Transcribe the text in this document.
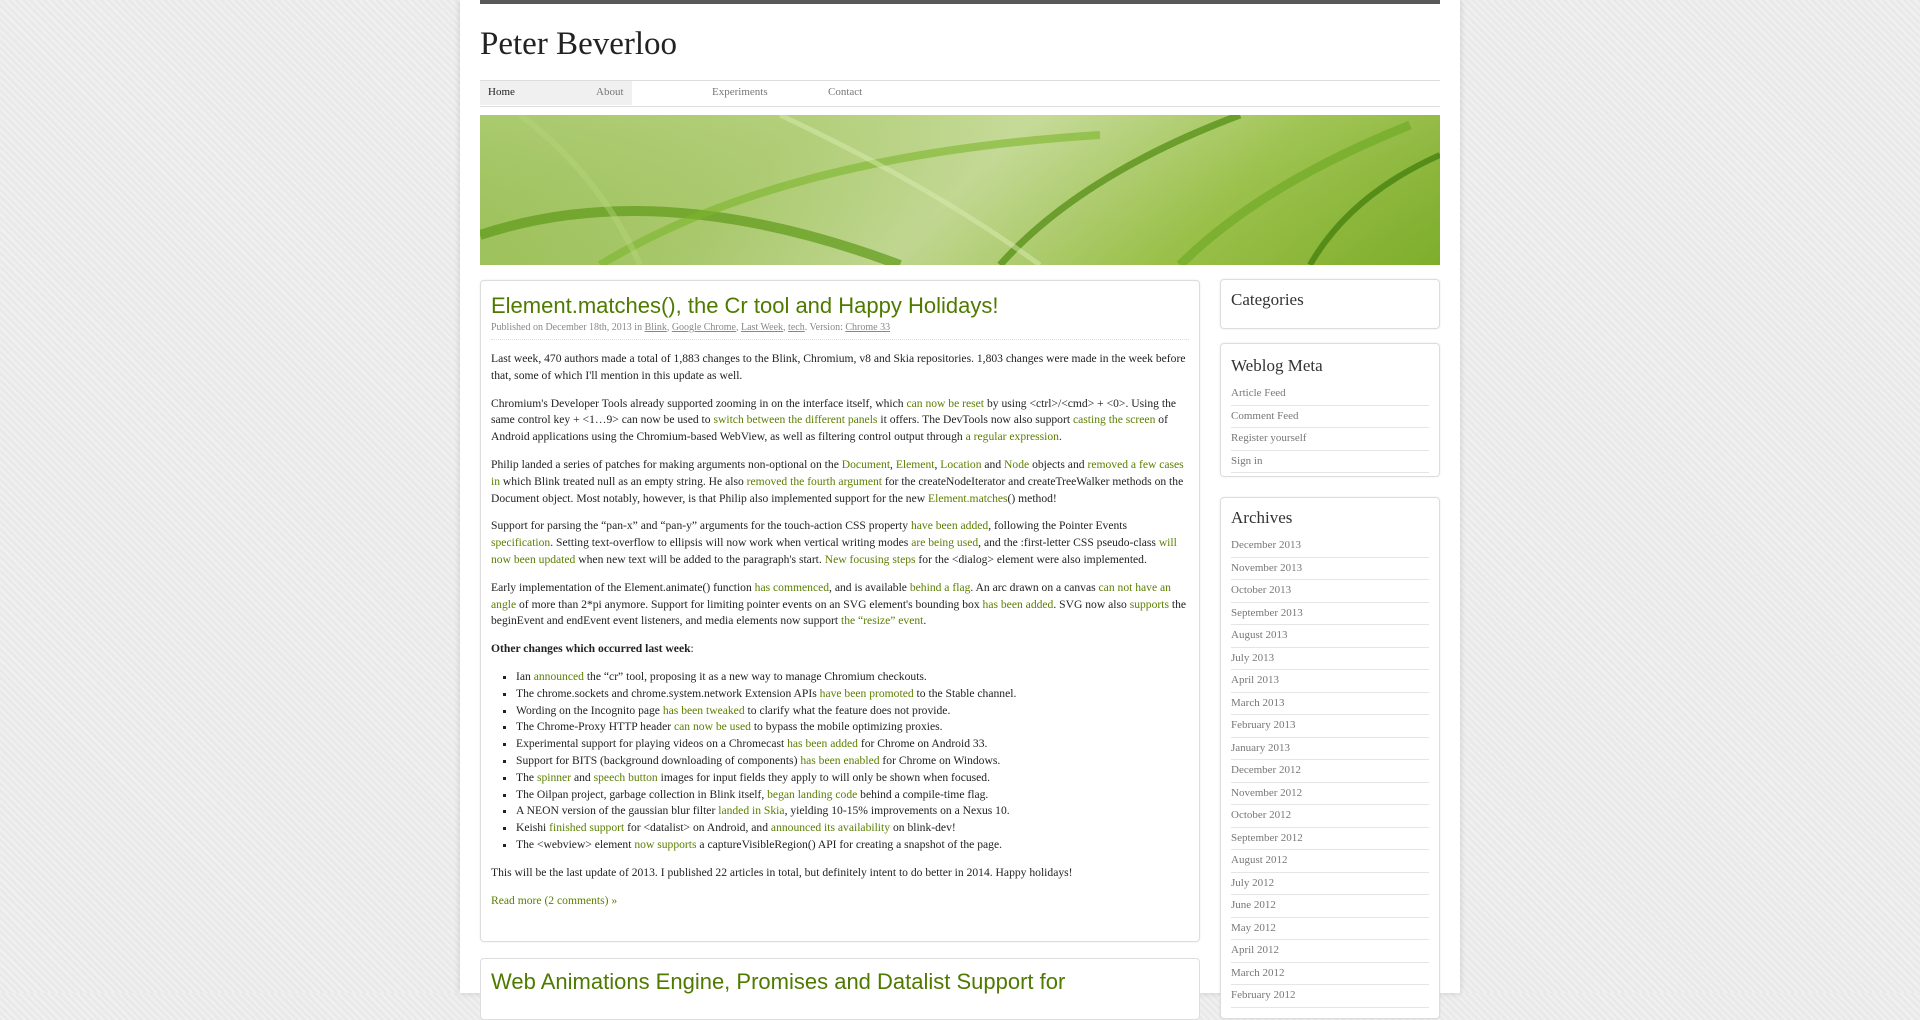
Peter Beverloo
Home	About	Experiments	Contact
Element.matches(), the Cr tool and Happy Holidays!
Published on December 18th, 2013 in Blink, Google Chrome, Last Week, tech. Version: Chrome 33

Last week, 470 authors made a total of 1,883 changes to the Blink, Chromium, v8 and Skia repositories. 1,803 changes were made in the week before that, some of which I'll mention in this update as well.

Chromium's Developer Tools already supported zooming in on the interface itself, which can now be reset by using <ctrl>/<cmd> + <0>. Using the same control key + <1…9> can now be used to switch between the different panels it offers. The DevTools now also support casting the screen of Android applications using the Chromium-based WebView, as well as filtering control output through a regular expression.

Philip landed a series of patches for making arguments non-optional on the Document, Element, Location and Node objects and removed a few cases in which Blink treated null as an empty string. He also removed the fourth argument for the createNodeIterator and createTreeWalker methods on the Document object. Most notably, however, is that Philip also implemented support for the new Element.matches() method!

Support for parsing the “pan-x” and “pan-y” arguments for the touch-action CSS property have been added, following the Pointer Events specification. Setting text-overflow to ellipsis will now work when vertical writing modes are being used, and the :first-letter CSS pseudo-class will now been updated when new text will be added to the paragraph's start. New focusing steps for the <dialog> element were also implemented.

Early implementation of the Element.animate() function has commenced, and is available behind a flag. An arc drawn on a canvas can not have an angle of more than 2*pi anymore. Support for limiting pointer events on an SVG element's bounding box has been added. SVG now also supports the beginEvent and endEvent event listeners, and media elements now support the “resize” event.

Other changes which occurred last week:

▪ Ian announced the “cr” tool, proposing it as a new way to manage Chromium checkouts.
▪ The chrome.sockets and chrome.system.network Extension APIs have been promoted to the Stable channel.
▪ Wording on the Incognito page has been tweaked to clarify what the feature does not provide.
▪ The Chrome-Proxy HTTP header can now be used to bypass the mobile optimizing proxies.
▪ Experimental support for playing videos on a Chromecast has been added for Chrome on Android 33.
▪ Support for BITS (background downloading of components) has been enabled for Chrome on Windows.
▪ The spinner and speech button images for input fields they apply to will only be shown when focused.
▪ The Oilpan project, garbage collection in Blink itself, began landing code behind a compile-time flag.
▪ A NEON version of the gaussian blur filter landed in Skia, yielding 10-15% improvements on a Nexus 10.
▪ Keishi finished support for <datalist> on Android, and announced its availability on blink-dev!
▪ The <webview> element now supports a captureVisibleRegion() API for creating a snapshot of the page.

This will be the last update of 2013. I published 22 articles in total, but definitely intent to do better in 2014. Happy holidays!

Read more (2 comments) »

Web Animations Engine, Promises and Datalist Support for
Categories
Weblog Meta
Article Feed
Comment Feed
Register yourself
Sign in
Archives
December 2013
November 2013
October 2013
September 2013
August 2013
July 2013
April 2013
March 2013
February 2013
January 2013
December 2012
November 2012
October 2012
September 2012
August 2012
July 2012
June 2012
May 2012
April 2012
March 2012
February 2012
